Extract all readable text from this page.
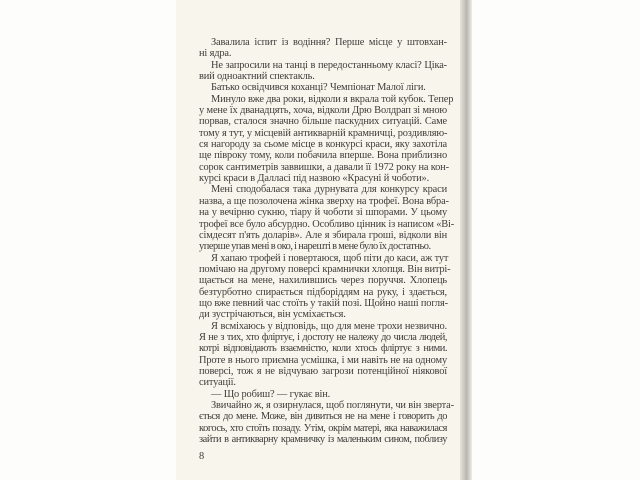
Завалила іспит із водіння? Перше місце у штовхан-
ні ядра.
Не запросили на танці в передостанньому класі? Ціка-
вий одноактний спектакль.
Батько освідчився коханці? Чемпіонат Малої ліги.
Минуло вже два роки, відколи я вкрала той кубок. Тепер
у мене їх дванадцять, хоча, відколи Дрю Волдрап зі мною
порвав, сталося значно більше паскудних ситуацій. Саме
тому я тут, у місцевій антикварній крамничці, роздивляю-
ся нагороду за сьоме місце в конкурсі краси, яку захотіла
ще півроку тому, коли побачила вперше. Вона приблизно
сорок сантиметрів заввишки, а давали її 1972 року на кон-
курсі краси в Далласі під назвою «Красуні й чоботи».
Мені сподобалася така дурнувата для конкурсу краси
назва, а ще позолочена жінка зверху на трофеї. Вона вбра-
на у вечірню сукню, тіару й чоботи зі шпорами. У цьому
трофеї все було абсурдно. Особливо цінник із написом «Ві-
сімдесят п'ять доларів». Але я збирала гроші, відколи він
уперше упав мені в око, і нарешті в мене було їх достатньо.
Я хапаю трофей і повертаюся, щоб піти до каси, аж тут
помічаю на другому поверсі крамнички хлопця. Він витрі-
щається на мене, нахилившись через поруччя. Хлопець
безтурботно спирається підборіддям на руку, і здається,
що вже певний час стоїть у такій позі. Щойно наші погля-
ди зустрічаються, він усміхається.
Я всміхаюсь у відповідь, що для мене трохи незвично.
Я не з тих, хто фліртує, і достоту не належу до числа людей,
котрі відповідають взаємністю, коли хтось фліртує з ними.
Проте в нього приємна усмішка, і ми навіть не на одному
поверсі, тож я не відчуваю загрози потенційної ніякової
ситуації.
— Що робиш? — гукає він.
Звичайно ж, я озирнулася, щоб поглянути, чи він зверта-
ється до мене. Може, він дивиться не на мене і говорить до
когось, хто стоїть позаду. Утім, окрім матері, яка наважилася
зайти в антикварну крамничку із маленьким сином, поблизу
8
